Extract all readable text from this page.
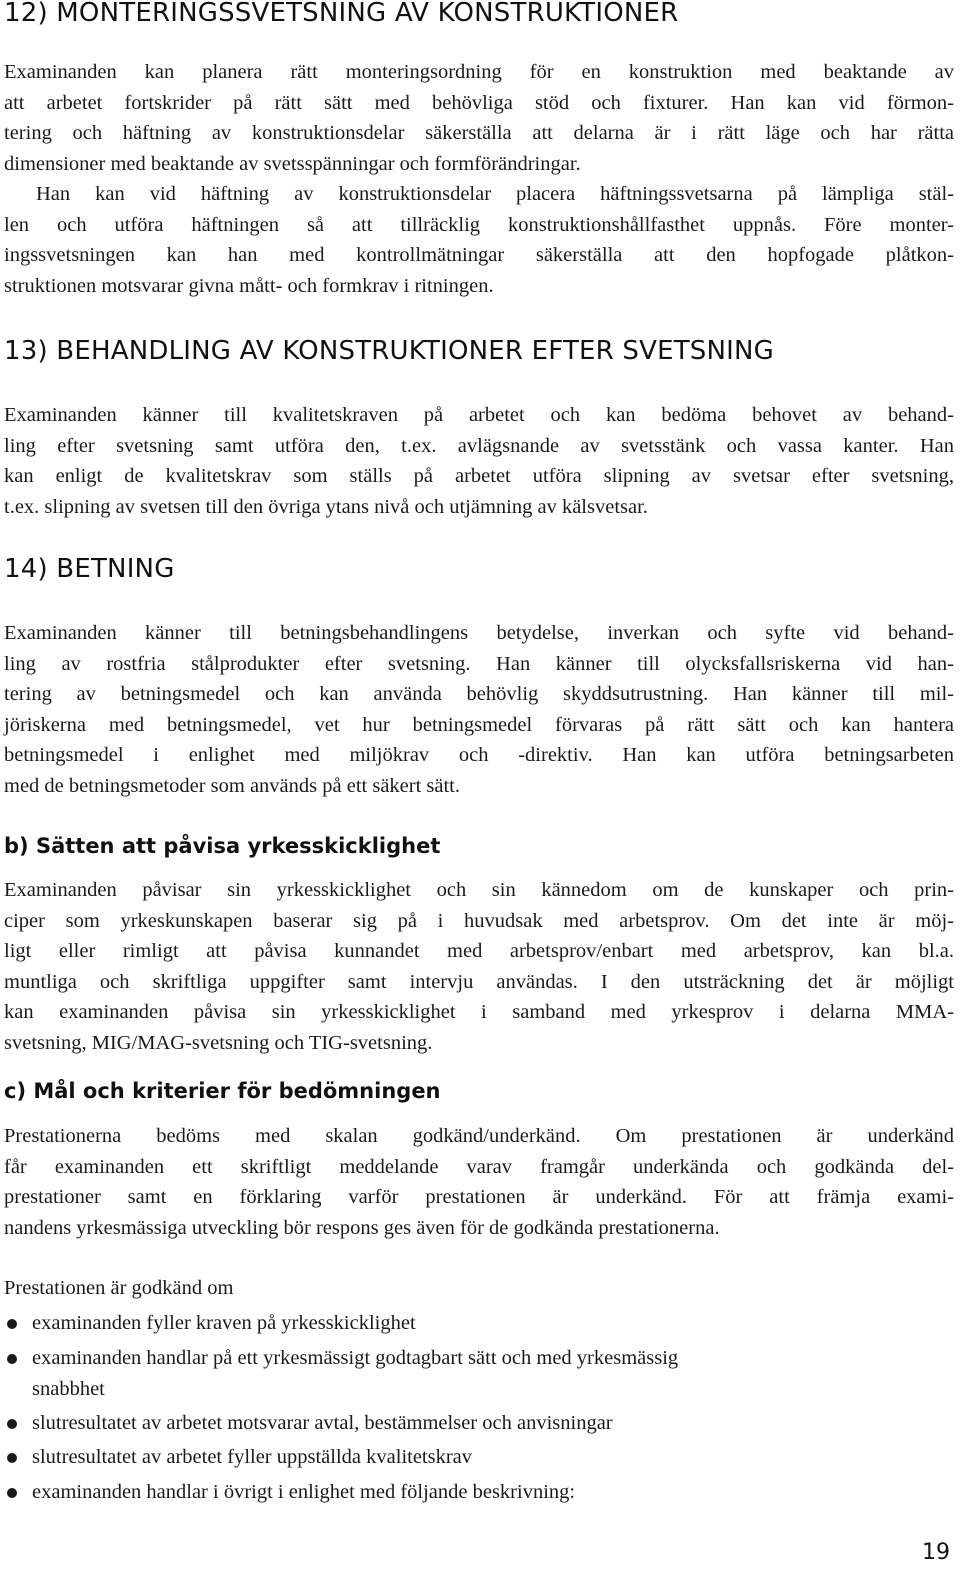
12) MONTERINGSSVETSNING AV KONSTRUKTIONER
Examinanden kan planera rätt monteringsordning för en konstruktion med beaktande av
att arbetet fortskrider på rätt sätt med behövliga stöd och fixturer. Han kan vid förmon-
tering och häftning av konstruktionsdelar säkerställa att delarna är i rätt läge och har rätta
dimensioner med beaktande av svetsspänningar och formförändringar.
Han kan vid häftning av konstruktionsdelar placera häftningssvetsarna på lämpliga stäl-
len och utföra häftningen så att tillräcklig konstruktionshållfasthet uppnås. Före monter-
ingssvetsningen kan han med kontrollmätningar säkerställa att den hopfogade plåtkon-
struktionen motsvarar givna mått- och formkrav i ritningen.
13) BEHANDLING AV KONSTRUKTIONER EFTER SVETSNING
Examinanden känner till kvalitetskraven på arbetet och kan bedöma behovet av behand-
ling efter svetsning samt utföra den, t.ex. avlägsnande av svetsstänk och vassa kanter. Han
kan enligt de kvalitetskrav som ställs på arbetet utföra slipning av svetsar efter svetsning,
t.ex. slipning av svetsen till den övriga ytans nivå och utjämning av kälsvetsar.
14) BETNING
Examinanden känner till betningsbehandlingens betydelse, inverkan och syfte vid behand-
ling av rostfria stålprodukter efter svetsning. Han känner till olycksfallsriskerna vid han-
tering av betningsmedel och kan använda behövlig skyddsutrustning. Han känner till mil-
jöriskerna med betningsmedel, vet hur betningsmedel förvaras på rätt sätt och kan hantera
betningsmedel i enlighet med miljökrav och -direktiv. Han kan utföra betningsarbeten
med de betningsmetoder som används på ett säkert sätt.
b) Sätten att påvisa yrkesskicklighet
Examinanden påvisar sin yrkesskicklighet och sin kännedom om de kunskaper och prin-
ciper som yrkeskunskapen baserar sig på i huvudsak med arbetsprov. Om det inte är möj-
ligt eller rimligt att påvisa kunnandet med arbetsprov/enbart med arbetsprov, kan bl.a.
muntliga och skriftliga uppgifter samt intervju användas. I den utsträckning det är möjligt
kan examinanden påvisa sin yrkesskicklighet i samband med yrkesprov i delarna MMA-
svetsning, MIG/MAG-svetsning och TIG-svetsning.
c) Mål och kriterier för bedömningen
Prestationerna bedöms med skalan godkänd/underkänd. Om prestationen är underkänd
får examinanden ett skriftligt meddelande varav framgår underkända och godkända del-
prestationer samt en förklaring varför prestationen är underkänd. För att främja exami-
nandens yrkesmässiga utveckling bör respons ges även för de godkända prestationerna.
Prestationen är godkänd om
examinanden fyller kraven på yrkesskicklighet
examinanden handlar på ett yrkesmässigt godtagbart sätt och med yrkesmässig
snabbhet
slutresultatet av arbetet motsvarar avtal, bestämmelser och anvisningar
slutresultatet av arbetet fyller uppställda kvalitetskrav
examinanden handlar i övrigt i enlighet med följande beskrivning:
19
